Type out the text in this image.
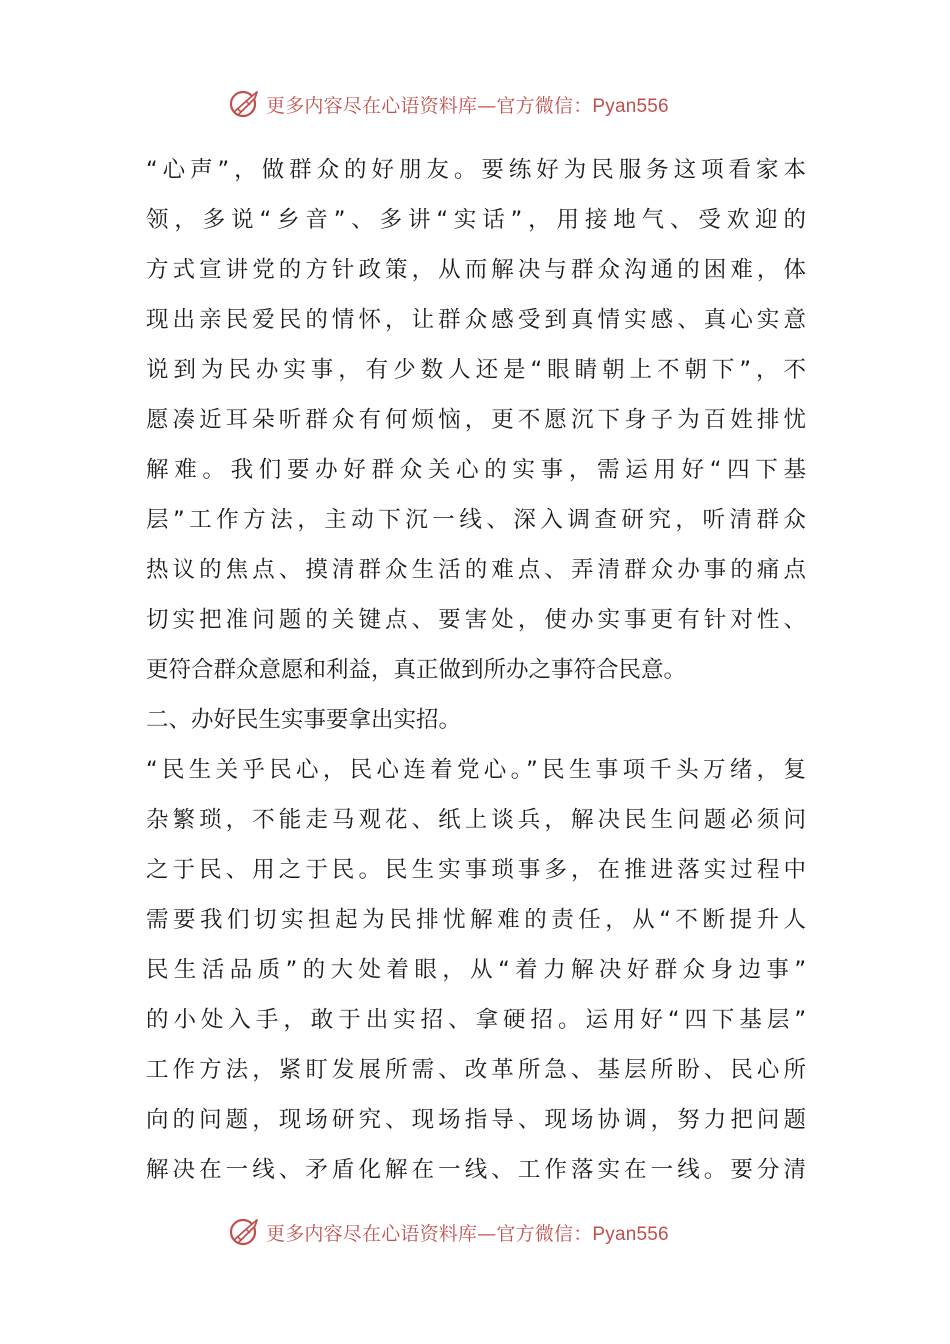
更多内容尽在心语资料库—官方微信：Pyan556
“心声”，做群众的好朋友。要练好为民服务这项看家本
领，多说“乡音”、多讲“实话”，用接地气、受欢迎的
方式宣讲党的方针政策，从而解决与群众沟通的困难，体
现出亲民爱民的情怀，让群众感受到真情实感、真心实意
说到为民办实事，有少数人还是“眼睛朝上不朝下”，不
愿凑近耳朵听群众有何烦恼，更不愿沉下身子为百姓排忧
解难。我们要办好群众关心的实事，需运用好“四下基
层”工作方法，主动下沉一线、深入调查研究，听清群众
热议的焦点、摸清群众生活的难点、弄清群众办事的痛点
切实把准问题的关键点、要害处，使办实事更有针对性、
更符合群众意愿和利益，真正做到所办之事符合民意。
二、办好民生实事要拿出实招。
“民生关乎民心，民心连着党心。”民生事项千头万绪，复
杂繁琐，不能走马观花、纸上谈兵，解决民生问题必须问
之于民、用之于民。民生实事琐事多，在推进落实过程中
需要我们切实担起为民排忧解难的责任，从“不断提升人
民生活品质”的大处着眼，从“着力解决好群众身边事”
的小处入手，敢于出实招、拿硬招。运用好“四下基层”
工作方法，紧盯发展所需、改革所急、基层所盼、民心所
向的问题，现场研究、现场指导、现场协调，努力把问题
解决在一线、矛盾化解在一线、工作落实在一线。要分清
更多内容尽在心语资料库—官方微信：Pyan556
